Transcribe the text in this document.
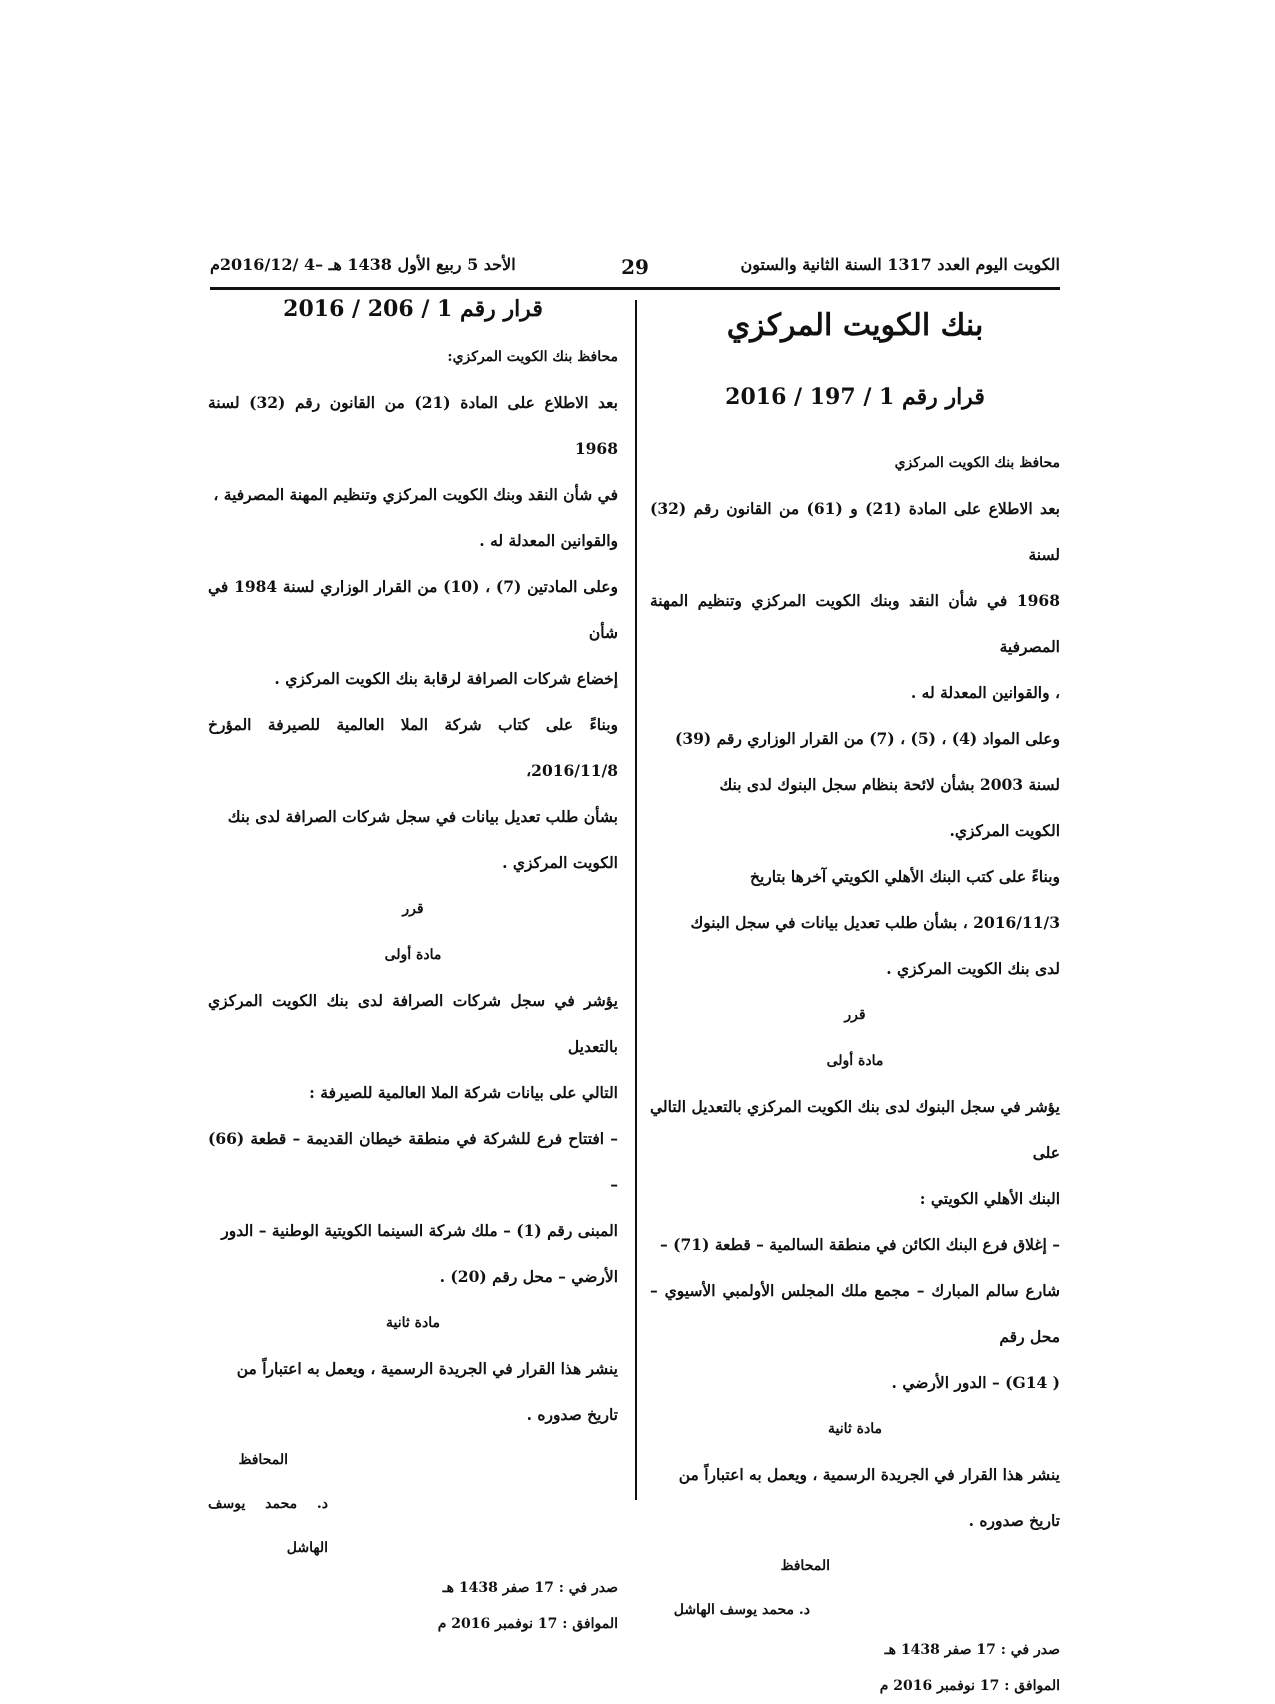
الكويت اليوم العدد 1317 السنة الثانية والستون
29
الأحد 5 ربيع الأول 1438 هـ –4 /2016/12م
بنك الكويت المركزي
قرار رقم 1 / 197 / 2016

محافظ بنك الكويت المركزي

بعد الاطلاع على المادة (21) و (61) من القانون رقم (32) لسنة

1968 في شأن النقد وبنك الكويت المركزي وتنظيم المهنة المصرفية

، والقوانين المعدلة له .

وعلى المواد (4) ، (5) ، (7) من القرار الوزاري رقم (39)

لسنة 2003 بشأن لائحة بنظام سجل البنوك لدى بنك

الكويت المركزي.

وبناءً على كتب البنك الأهلي الكويتي آخرها بتاريخ

2016/11/3 ، بشأن طلب تعديل بيانات في سجل البنوك

لدى بنك الكويت المركزي .

قرر

مادة أولى

يؤشر في سجل البنوك لدى بنك الكويت المركزي بالتعديل التالي على

البنك الأهلي الكويتي :

– إغلاق فرع البنك الكائن في منطقة السالمية – قطعة (71) –

شارع سالم المبارك – مجمع ملك المجلس الأولمبي الأسيوي – محل رقم

( G14) – الدور الأرضي .

مادة ثانية

ينشر هذا القرار في الجريدة الرسمية ، ويعمل به اعتباراً من

تاريخ صدوره .

المحافظ
د. محمد يوسف الهاشل
صدر في : 17 صفر 1438 هـ
الموافق : 17 نوفمبر 2016 م
قرار رقم 1 / 206 / 2016

محافظ بنك الكويت المركزي:

بعد الاطلاع على المادة (21) من القانون رقم (32) لسنة 1968

في شأن النقد وبنك الكويت المركزي وتنظيم المهنة المصرفية ،

والقوانين المعدلة له .

وعلى المادتين (7) ، (10) من القرار الوزاري لسنة 1984 في شأن

إخضاع شركات الصرافة لرقابة بنك الكويت المركزي .

وبناءً على كتاب شركة الملا العالمية للصيرفة المؤرخ 2016/11/8،

بشأن طلب تعديل بيانات في سجل شركات الصرافة لدى بنك

الكويت المركزي .

قرر

مادة أولى

يؤشر في سجل شركات الصرافة لدى بنك الكويت المركزي بالتعديل

التالي على بيانات شركة الملا العالمية للصيرفة :

– افتتاح فرع للشركة في منطقة خيطان القديمة – قطعة (66) –

المبنى رقم (1) – ملك شركة السينما الكويتية الوطنية – الدور

الأرضي – محل رقم (20) .

مادة ثانية

ينشر هذا القرار في الجريدة الرسمية ، ويعمل به اعتباراً من

تاريخ صدوره .

المحافظ
د. محمد يوسف الهاشل
صدر في : 17 صفر 1438 هـ
الموافق : 17 نوفمبر 2016 م
